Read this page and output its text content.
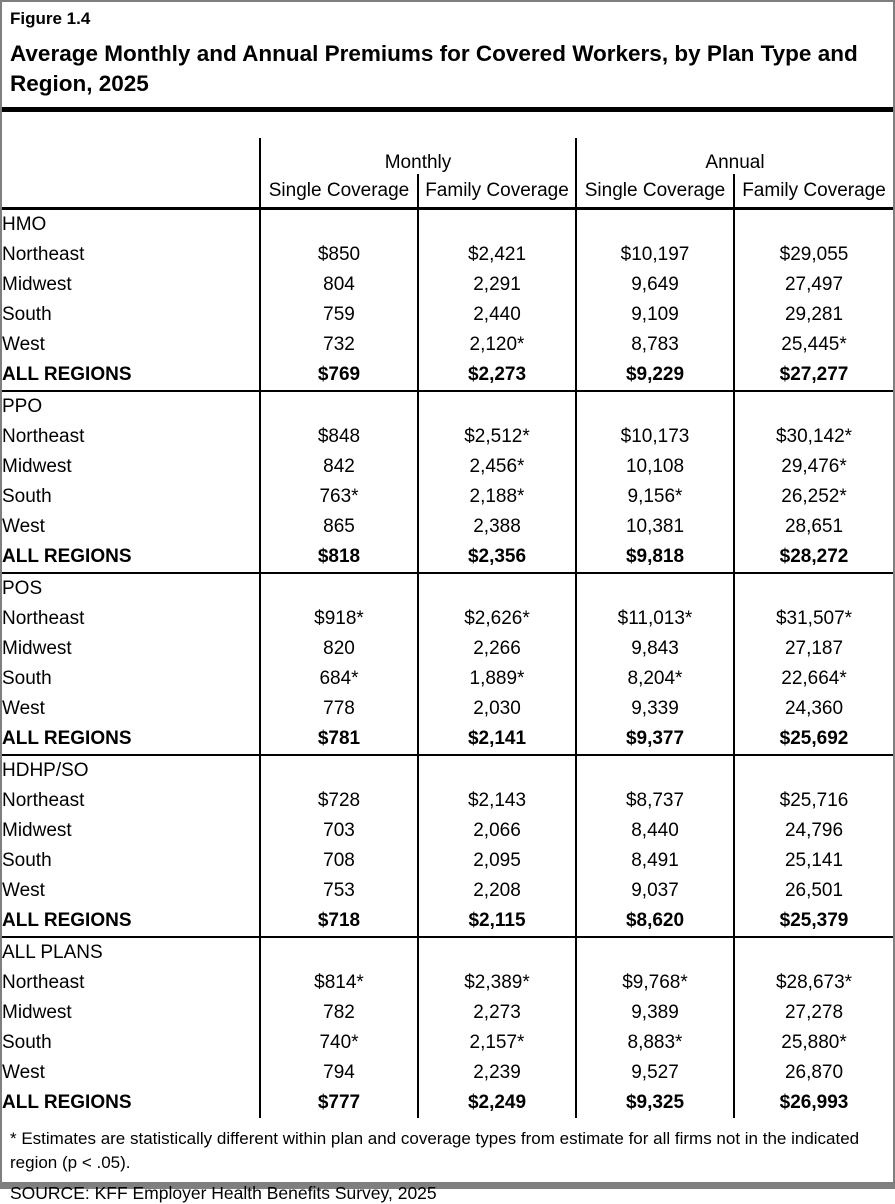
Figure 1.4
Average Monthly and Annual Premiums for Covered Workers, by Plan Type and Region, 2025
	Monthly		Annual	
	Single Coverage	Family Coverage	Single Coverage	Family Coverage
HMO				
Northeast	$850	$2,421	$10,197	$29,055
Midwest	804	2,291	9,649	27,497
South	759	2,440	9,109	29,281
West	732	2,120*	8,783	25,445*
ALL REGIONS	$769	$2,273	$9,229	$27,277
PPO				
Northeast	$848	$2,512*	$10,173	$30,142*
Midwest	842	2,456*	10,108	29,476*
South	763*	2,188*	9,156*	26,252*
West	865	2,388	10,381	28,651
ALL REGIONS	$818	$2,356	$9,818	$28,272
POS				
Northeast	$918*	$2,626*	$11,013*	$31,507*
Midwest	820	2,266	9,843	27,187
South	684*	1,889*	8,204*	22,664*
West	778	2,030	9,339	24,360
ALL REGIONS	$781	$2,141	$9,377	$25,692
HDHP/SO				
Northeast	$728	$2,143	$8,737	$25,716
Midwest	703	2,066	8,440	24,796
South	708	2,095	8,491	25,141
West	753	2,208	9,037	26,501
ALL REGIONS	$718	$2,115	$8,620	$25,379
ALL PLANS				
Northeast	$814*	$2,389*	$9,768*	$28,673*
Midwest	782	2,273	9,389	27,278
South	740*	2,157*	8,883*	25,880*
West	794	2,239	9,527	26,870
ALL REGIONS	$777	$2,249	$9,325	$26,993
* Estimates are statistically different within plan and coverage types from estimate for all firms not in the indicated region (p < .05).
SOURCE: KFF Employer Health Benefits Survey, 2025
